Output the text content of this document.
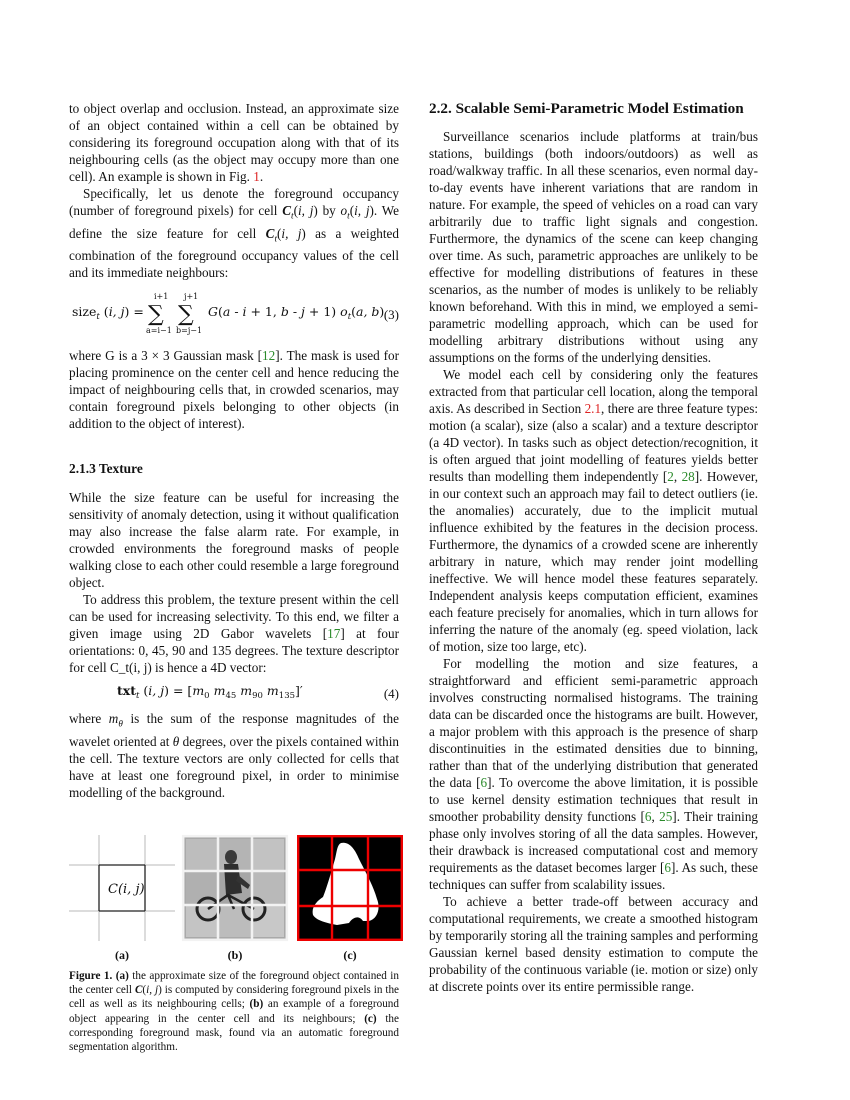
to object overlap and occlusion. Instead, an approximate size of an object contained within a cell can be obtained by considering its foreground occupation along with that of its neighbouring cells (as the object may occupy more than one cell). An example is shown in Fig. 1.

Specifically, let us denote the foreground occupancy (number of foreground pixels) for cell $C_t(i$, j) by $o_t(i$, j). We define the size feature for cell $C_t(i$, j) as a weighted combination of the foreground occupancy values of the cell and its immediate neighbours:

size$_t$ (i, j) =
i+1
∑
a=i−1
j+1
∑
b=j−1
G(a - i + 1, b - j + 1) $o_t(a$, b) (3)

where G is a 3 × 3 Gaussian mask [12]. The mask is used for placing prominence on the center cell and hence reducing the impact of neighbouring cells that, in crowded scenarios, may contain foreground pixels belonging to other objects (in addition to the object of interest).

2.1.3 Texture

While the size feature can be useful for increasing the sensitivity of anomaly detection, using it without qualification may also increase the false alarm rate. For example, in crowded environments the foreground masks of people walking close to each other could resemble a large foreground object.

To address this problem, the texture present within the cell can be used for increasing selectivity. To this end, we filter a given image using 2D Gabor wavelets [17] at four orientations: 0, 45, 90 and 135 degrees. The texture descriptor for cell C_t(i, j) is hence a 4D vector:

txt$_t$ (i, $j) = [m_0$ $m_{45}$ $m_{90}$ $m_{135}]'$	(4)

where $m_\theta$ is the sum of the response magnitudes of the wavelet oriented at θ degrees, over the pixels contained within the cell. The texture vectors are only collected for cells that have at least one foreground pixel, in order to minimise modelling of the background.

C(i, j)
(a)	(b)	(c)

Figure 1. (a) the approximate size of the foreground object contained in the center cell C(i, j) is computed by considering foreground pixels in the cell as well as its neighbouring cells; (b) an example of a foreground object appearing in the center cell and its neighbours; (c) the corresponding foreground mask, found via an automatic foreground segmentation algorithm.

2.2. Scalable Semi-Parametric Model Estimation

Surveillance scenarios include platforms at train/bus stations, buildings (both indoors/outdoors) as well as road/walkway traffic. In all these scenarios, even normal day-to-day events have inherent variations that are random in nature. For example, the speed of vehicles on a road can vary arbitrarily due to traffic light signals and congestion. Furthermore, the dynamics of the scene can keep changing over time. As such, parametric approaches are unlikely to be effective for modelling distributions of features in these scenarios, as the number of modes is unlikely to be reliably known beforehand. With this in mind, we employed a semi-parametric modelling approach, which can be used for modelling arbitrary distributions without using any assumptions on the forms of the underlying densities.

We model each cell by considering only the features extracted from that particular cell location, along the temporal axis. As described in Section 2.1, there are three feature types: motion (a scalar), size (also a scalar) and a texture descriptor (a 4D vector). In tasks such as object detection/recognition, it is often argued that joint modelling of features yields better results than modelling them independently [2, 28]. However, in our context such an approach may fail to detect outliers (ie. the anomalies) accurately, due to the implicit mutual influence exhibited by the features in the decision process. Furthermore, the dynamics of a crowded scene are inherently arbitrary in nature, which may render joint modelling ineffective. We will hence model these features separately. Independent analysis keeps computation efficient, examines each feature precisely for anomalies, which in turn allows for inferring the nature of the anomaly (eg. speed violation, lack of motion, size too large, etc).

For modelling the motion and size features, a straightforward and efficient semi-parametric approach involves constructing normalised histograms. The training data can be discarded once the histograms are built. However, a major problem with this approach is the presence of sharp discontinuities in the estimated densities due to binning, rather than that of the underlying distribution that generated the data [6]. To overcome the above limitation, it is possible to use kernel density estimation techniques that result in smoother probability density functions [6, 25]. Their training phase only involves storing of all the data samples. However, their drawback is increased computational cost and memory requirements as the dataset becomes larger [6]. As such, these techniques can suffer from scalability issues.

To achieve a better trade-off between accuracy and computational requirements, we create a smoothed histogram by temporarily storing all the training samples and performing Gaussian kernel based density estimation to compute the probability of the continuous variable (ie. motion or size) only at discrete points over its entire permissible range.
